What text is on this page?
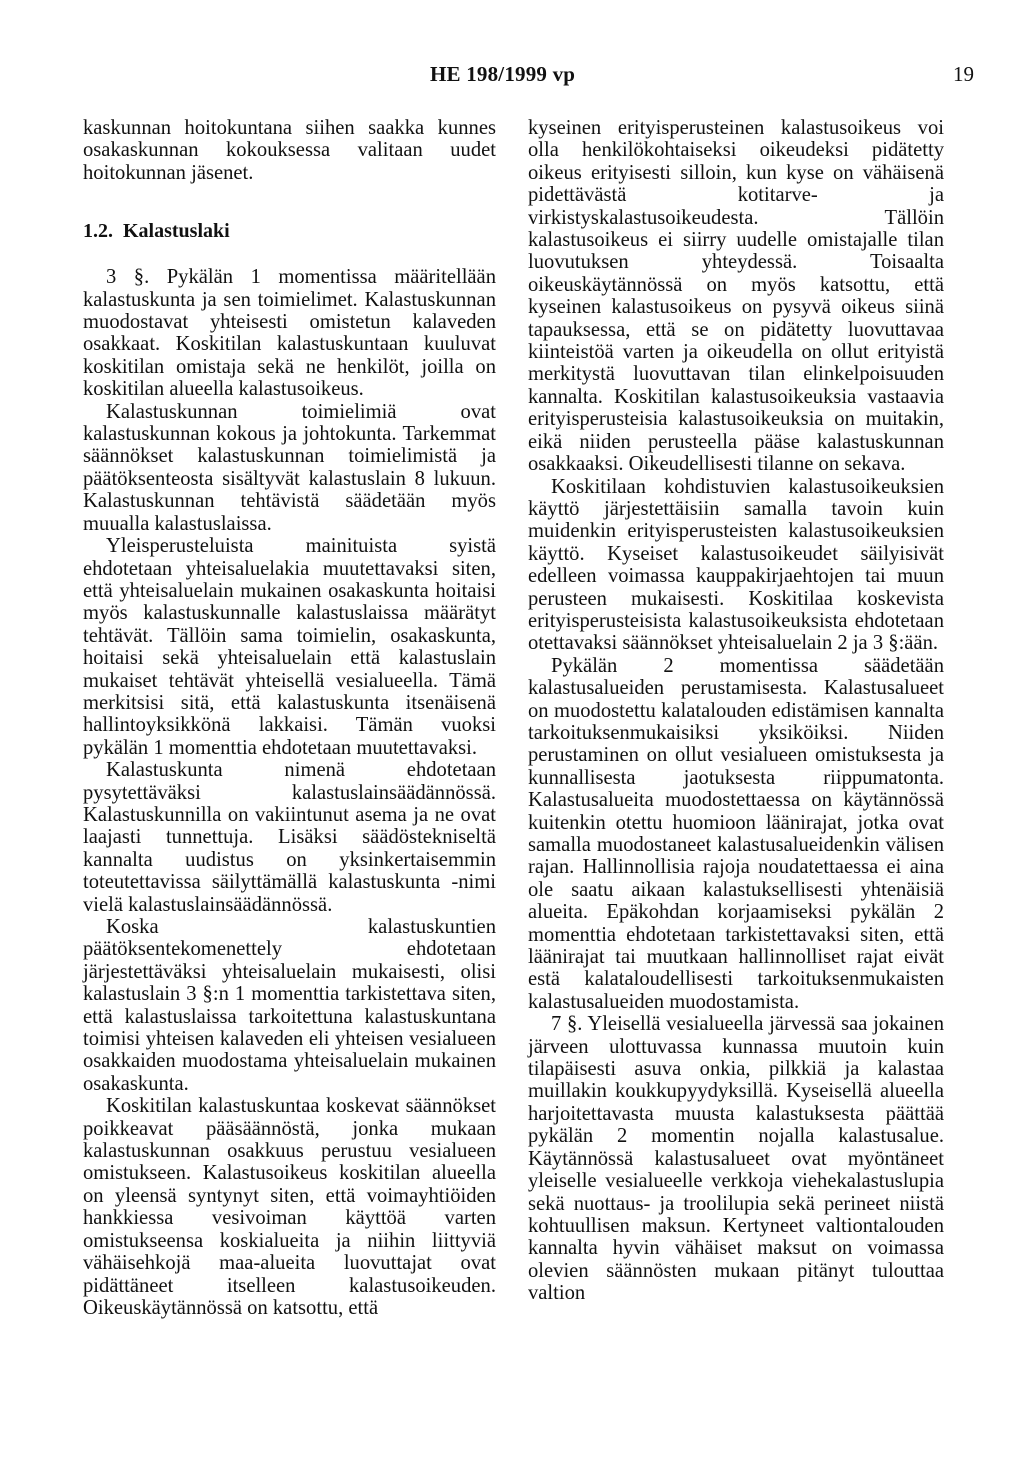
HE 198/1999 vp	19

kaskunnan hoitokuntana siihen saakka kunnes osakaskunnan kokouksessa valitaan uudet hoitokunnan jäsenet.

1.2. Kalastuslaki

3 §. Pykälän 1 momentissa määritellään kalastuskunta ja sen toimielimet. Kalastuskunnan muodostavat yhteisesti omistetun kalaveden osakkaat. Koskitilan kalastuskuntaan kuuluvat koskitilan omistaja sekä ne henkilöt, joilla on koskitilan alueella kalastusoikeus.

Kalastuskunnan toimielimiä ovat kalastuskunnan kokous ja johtokunta. Tarkemmat säännökset kalastuskunnan toimielimistä ja päätöksenteosta sisältyvät kalastuslain 8 lukuun. Kalastuskunnan tehtävistä säädetään myös muualla kalastuslaissa.

Yleisperusteluista mainituista syistä ehdotetaan yhteisaluelakia muutettavaksi siten, että yhteisaluelain mukainen osakaskunta hoitaisi myös kalastuskunnalle kalastuslaissa määrätyt tehtävät. Tällöin sama toimielin, osakaskunta, hoitaisi sekä yhteisaluelain että kalastuslain mukaiset tehtävät yhteisellä vesialueella. Tämä merkitsisi sitä, että kalastuskunta itsenäisenä hallintoyksikkönä lakkaisi. Tämän vuoksi pykälän 1 momenttia ehdotetaan muutettavaksi.

Kalastuskunta nimenä ehdotetaan pysytettäväksi kalastuslainsäädännössä. Kalastuskunnilla on vakiintunut asema ja ne ovat laajasti tunnettuja. Lisäksi säädöstekniseltä kannalta uudistus on yksinkertaisemmin toteutettavissa säilyttämällä kalastuskunta -nimi vielä kalastuslainsäädännössä.

Koska kalastuskuntien päätöksentekomenettely ehdotetaan järjestettäväksi yhteisaluelain mukaisesti, olisi kalastuslain 3 §:n 1 momenttia tarkistettava siten, että kalastuslaissa tarkoitettuna kalastuskuntana toimisi yhteisen kalaveden eli yhteisen vesialueen osakkaiden muodostama yhteisaluelain mukainen osakaskunta.

Koskitilan kalastuskuntaa koskevat säännökset poikkeavat pääsäännöstä, jonka mukaan kalastuskunnan osakkuus perustuu vesialueen omistukseen. Kalastusoikeus koskitilan alueella on yleensä syntynyt siten, että voimayhtiöiden hankkiessa vesivoiman käyttöä varten omistukseensa koskialueita ja niihin liittyviä vähäisehkojä maa-alueita luovuttajat ovat pidättäneet itselleen kalastusoikeuden. Oikeuskäytännössä on katsottu, että

kyseinen erityisperusteinen kalastusoikeus voi olla henkilökohtaiseksi oikeudeksi pidätetty oikeus erityisesti silloin, kun kyse on vähäisenä pidettävästä kotitarve- ja virkistyskalastusoikeudesta. Tällöin kalastusoikeus ei siirry uudelle omistajalle tilan luovutuksen yhteydessä. Toisaalta oikeuskäytännössä on myös katsottu, että kyseinen kalastusoikeus on pysyvä oikeus siinä tapauksessa, että se on pidätetty luovuttavaa kiinteistöä varten ja oikeudella on ollut erityistä merkitystä luovuttavan tilan elinkelpoisuuden kannalta. Koskitilan kalastusoikeuksia vastaavia erityisperusteisia kalastusoikeuksia on muitakin, eikä niiden perusteella pääse kalastuskunnan osakkaaksi. Oikeudellisesti tilanne on sekava.

Koskitilaan kohdistuvien kalastusoikeuksien käyttö järjestettäisiin samalla tavoin kuin muidenkin erityisperusteisten kalastusoikeuksien käyttö. Kyseiset kalastusoikeudet säilyisivät edelleen voimassa kauppakirjaehtojen tai muun perusteen mukaisesti. Koskitilaa koskevista erityisperusteisista kalastusoikeuksista ehdotetaan otettavaksi säännökset yhteisaluelain 2 ja 3 §:ään.

Pykälän 2 momentissa säädetään kalastusalueiden perustamisesta. Kalastusalueet on muodostettu kalatalouden edistämisen kannalta tarkoituksenmukaisiksi yksiköiksi. Niiden perustaminen on ollut vesialueen omistuksesta ja kunnallisesta jaotuksesta riippumatonta. Kalastusalueita muodostettaessa on käytännössä kuitenkin otettu huomioon läänirajat, jotka ovat samalla muodostaneet kalastusalueidenkin välisen rajan. Hallinnollisia rajoja noudatettaessa ei aina ole saatu aikaan kalastuksellisesti yhtenäisiä alueita. Epäkohdan korjaamiseksi pykälän 2 momenttia ehdotetaan tarkistettavaksi siten, että läänirajat tai muutkaan hallinnolliset rajat eivät estä kalataloudellisesti tarkoituksenmukaisten kalastusalueiden muodostamista.

7 §. Yleisellä vesialueella järvessä saa jokainen järveen ulottuvassa kunnassa muutoin kuin tilapäisesti asuva onkia, pilkkiä ja kalastaa muillakin koukkupyydyksillä. Kyseisellä alueella harjoitettavasta muusta kalastuksesta päättää pykälän 2 momentin nojalla kalastusalue. Käytännössä kalastusalueet ovat myöntäneet yleiselle vesialueelle verkkoja viehekalastuslupia sekä nuottaus- ja troolilupia sekä perineet niistä kohtuullisen maksun. Kertyneet valtiontalouden kannalta hyvin vähäiset maksut on voimassa olevien säännösten mukaan pitänyt tulouttaa valtion
